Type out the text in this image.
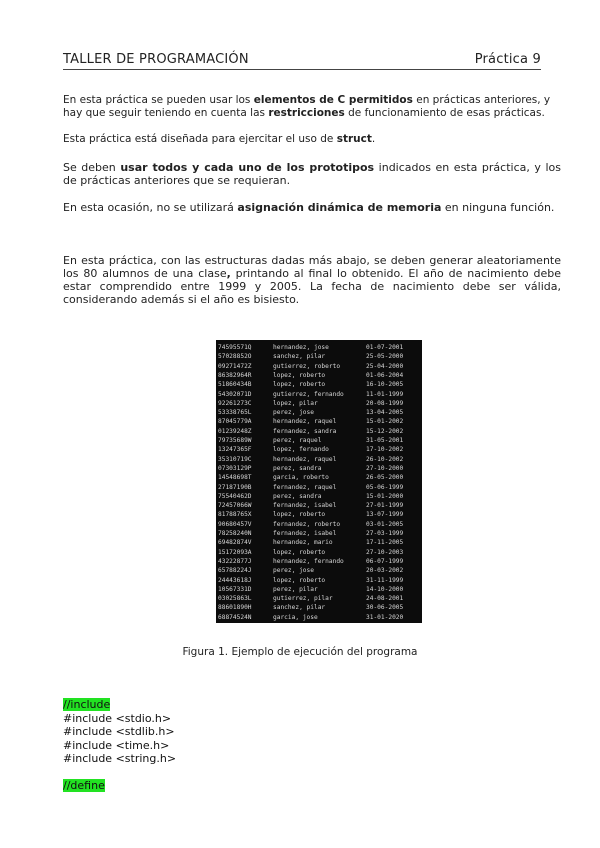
TALLER DE PROGRAMACIÓN	Práctica 9
En esta práctica se pueden usar los elementos de C permitidos en prácticas anteriores, y hay que seguir teniendo en cuenta las restricciones de funcionamiento de esas prácticas.
Esta práctica está diseñada para ejercitar el uso de struct.
Se deben usar todos y cada uno de los prototipos indicados en esta práctica, y los de prácticas anteriores que se requieran.
En esta ocasión, no se utilizará asignación dinámica de memoria en ninguna función.
En esta práctica, con las estructuras dadas más abajo, se deben generar aleatoriamente los 80 alumnos de una clase, printando al final lo obtenido. El año de nacimiento debe estar comprendido entre 1999 y 2005. La fecha de nacimiento debe ser válida, considerando además si el año es bisiesto.
74595571Q	hernandez, jose	01-07-2001
57028852O	sanchez, pilar	25-05-2000
09271472Z	gutierrez, roberto	25-04-2000
86382964R	lopez, roberto	01-06-2004
51860434B	lopez, roberto	16-10-2005
54302071D	gutierrez, fernando	11-01-1999
92261273C	lopez, pilar	20-08-1999
53338765L	perez, jose	13-04-2005
87045779A	hernandez, raquel	15-01-2002
01239248Z	fernandez, sandra	15-12-2002
79735689W	perez, raquel	31-05-2001
13247365F	lopez, fernando	17-10-2002
35310719C	hernandez, raquel	26-10-2002
07303129P	perez, sandra	27-10-2000
14548698T	garcia, roberto	26-05-2000
27187190B	fernandez, raquel	05-06-1999
75540462D	perez, sandra	15-01-2000
72457066W	fernandez, isabel	27-01-1999
81788765X	lopez, roberto	13-07-1999
90680457V	fernandez, roberto	03-01-2005
78258240N	fernandez, isabel	27-03-1999
69482874V	hernandez, mario	17-11-2005
15172093A	lopez, roberto	27-10-2003
43222877J	hernandez, fernando	06-07-1999
65788224J	perez, jose	20-03-2002
24443618J	lopez, roberto	31-11-1999
10567331D	perez, pilar	14-10-2000
03025863L	gutierrez, pilar	24-08-2001
88601890H	sanchez, pilar	30-06-2005
68874524N	garcia, jose	31-01-2020
Figura 1. Ejemplo de ejecución del programa
//include
#include <stdio.h>
#include <stdlib.h>
#include <time.h>
#include <string.h>
//define
